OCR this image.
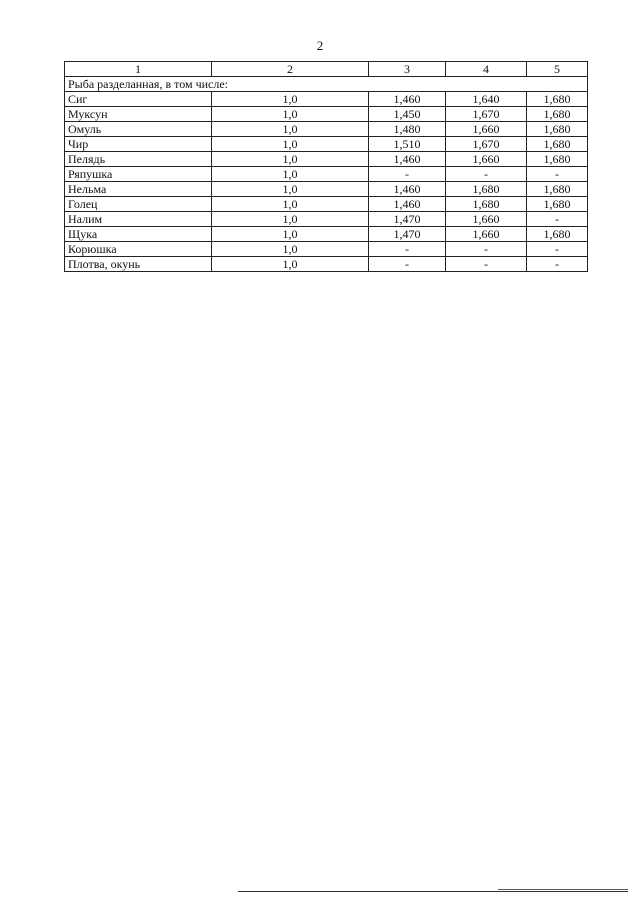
2
1	2	3	4	5
Рыба разделанная, в том числе:				
Сиг	1,0	1,460	1,640	1,680
Муксун	1,0	1,450	1,670	1,680
Омуль	1,0	1,480	1,660	1,680
Чир	1,0	1,510	1,670	1,680
Пелядь	1,0	1,460	1,660	1,680
Ряпушка	1,0	-	-	-
Нельма	1,0	1,460	1,680	1,680
Голец	1,0	1,460	1,680	1,680
Налим	1,0	1,470	1,660	-
Щука	1,0	1,470	1,660	1,680
Корюшка	1,0	-	-	-
Плотва, окунь	1,0	-	-	-
